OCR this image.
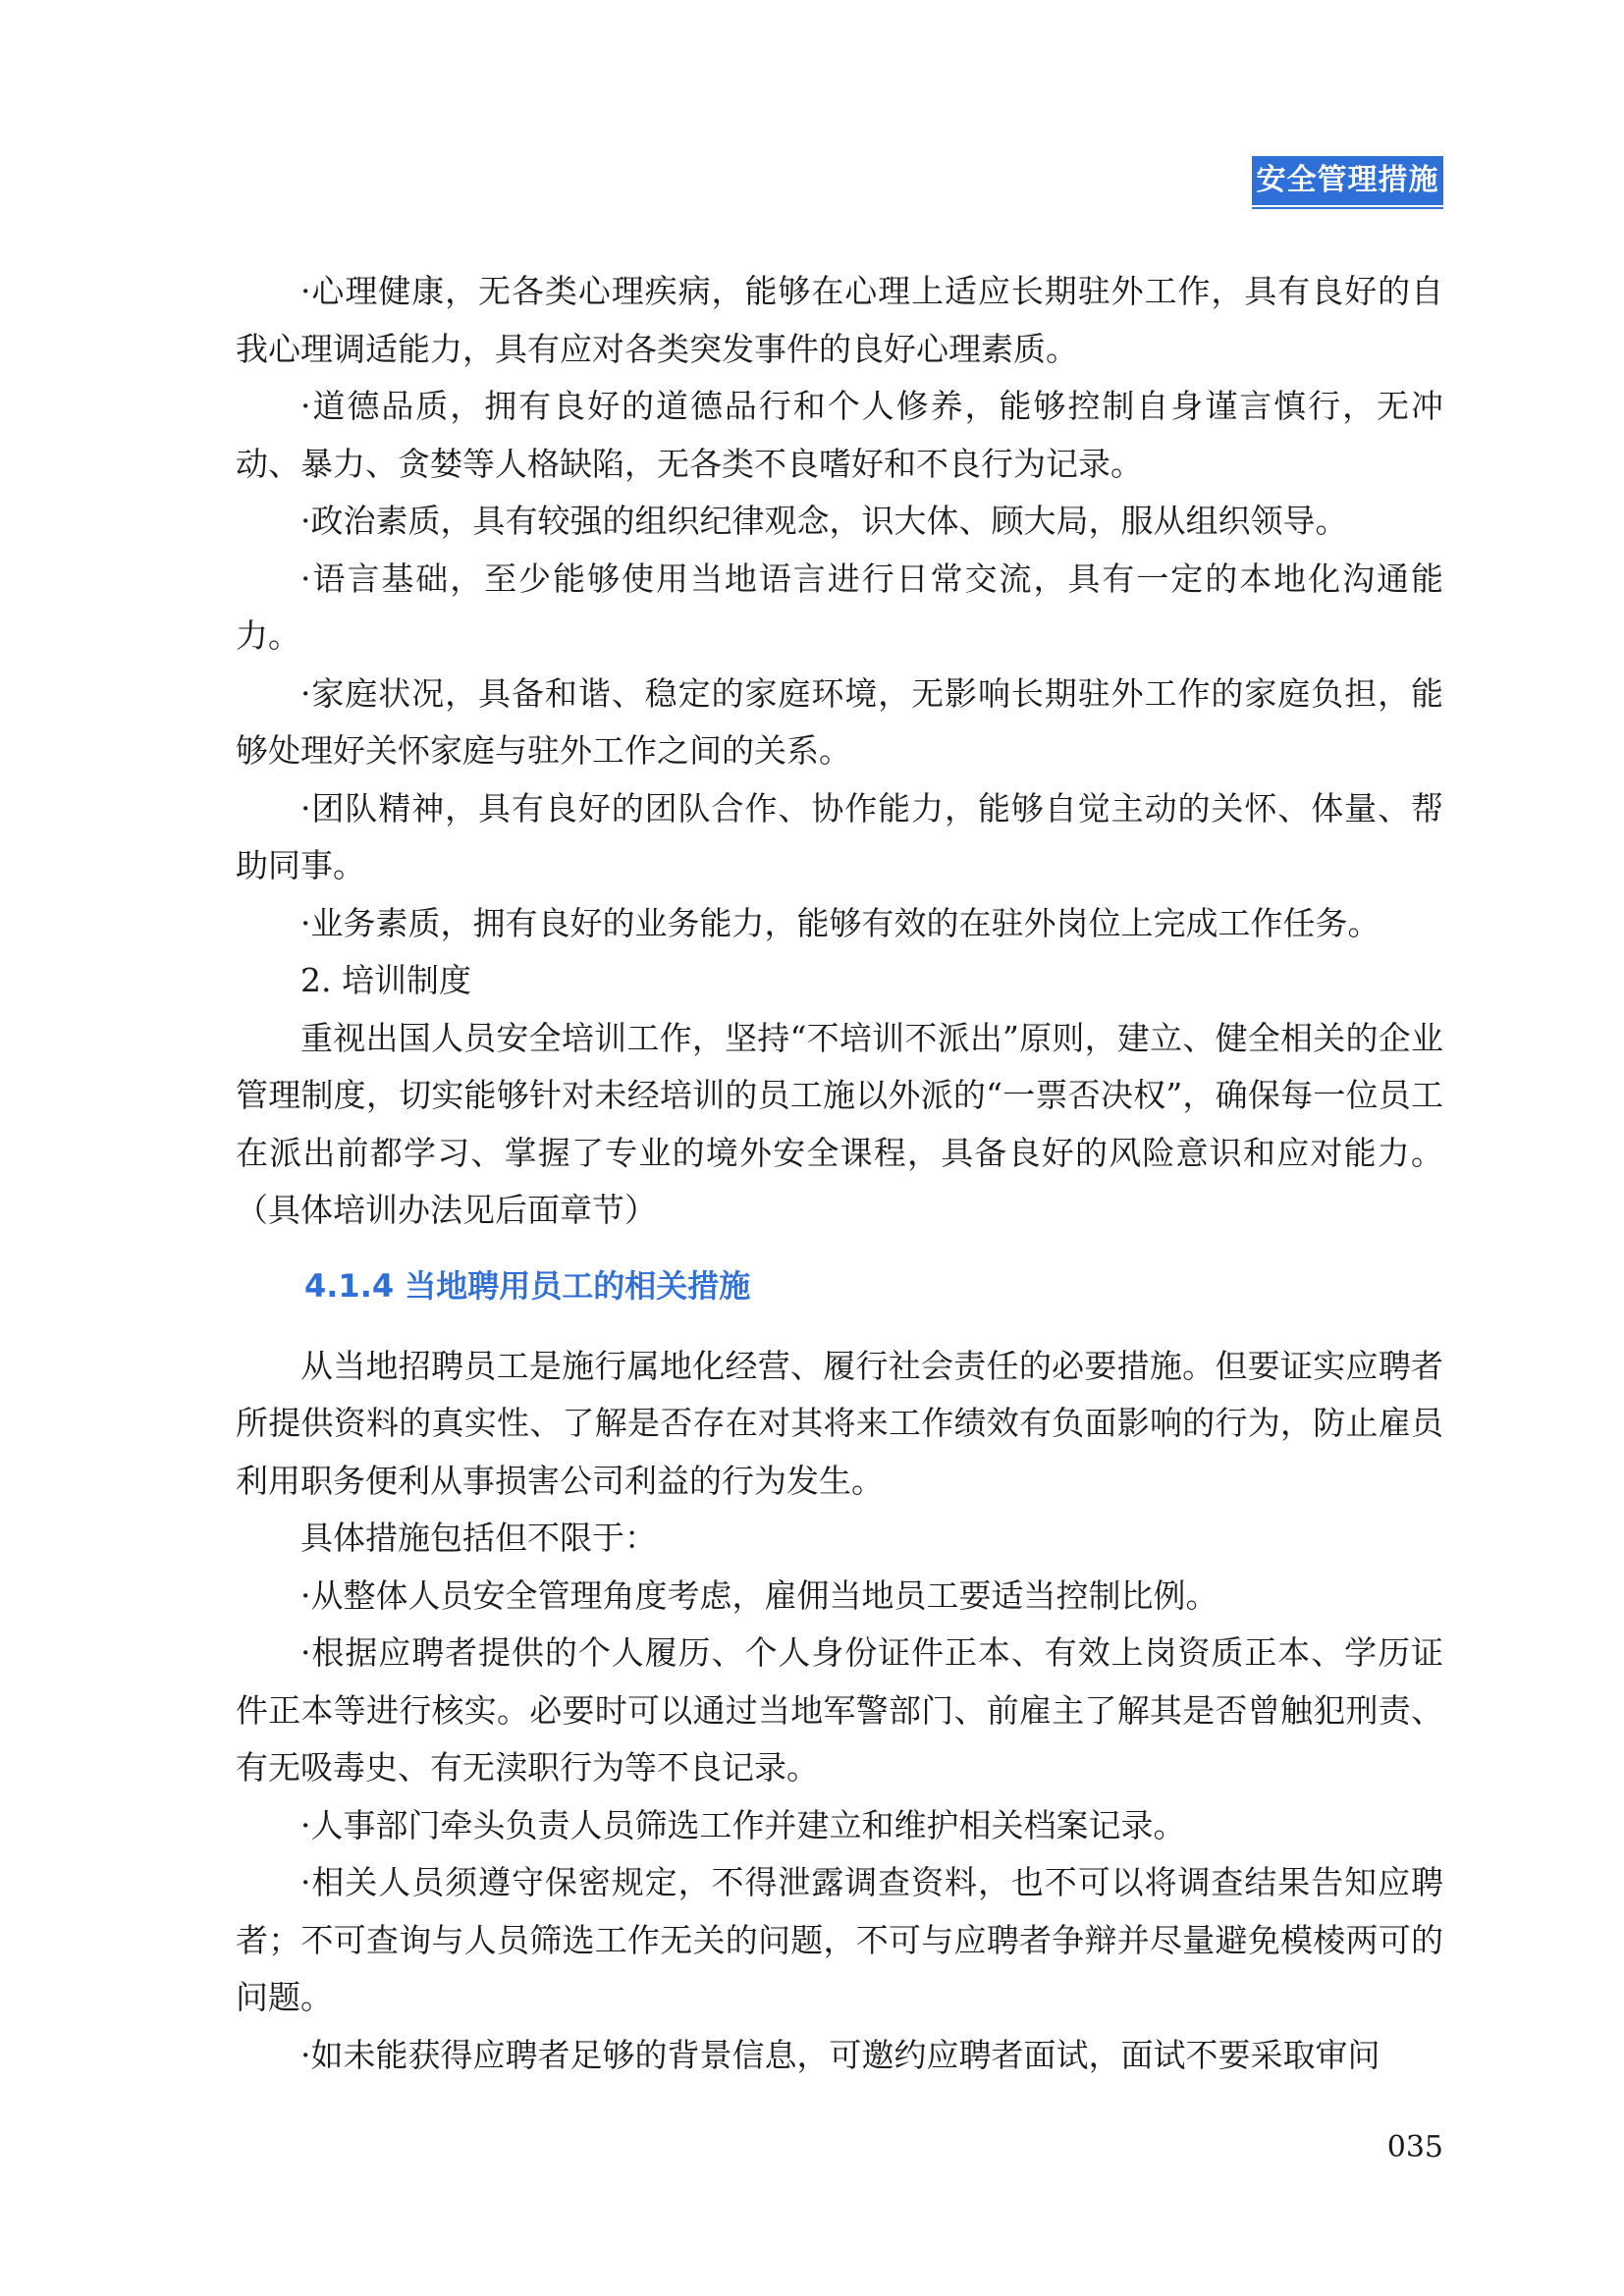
安全管理措施

·心理健康，无各类心理疾病，能够在心理上适应长期驻外工作，具有良好的自我心理调适能力，具有应对各类突发事件的良好心理素质。

·道德品质，拥有良好的道德品行和个人修养，能够控制自身谨言慎行，无冲动、暴力、贪婪等人格缺陷，无各类不良嗜好和不良行为记录。

·政治素质，具有较强的组织纪律观念，识大体、顾大局，服从组织领导。

·语言基础，至少能够使用当地语言进行日常交流，具有一定的本地化沟通能力。

·家庭状况，具备和谐、稳定的家庭环境，无影响长期驻外工作的家庭负担，能够处理好关怀家庭与驻外工作之间的关系。

·团队精神，具有良好的团队合作、协作能力，能够自觉主动的关怀、体量、帮助同事。

·业务素质，拥有良好的业务能力，能够有效的在驻外岗位上完成工作任务。

2. 培训制度

重视出国人员安全培训工作，坚持“不培训不派出”原则，建立、健全相关的企业管理制度，切实能够针对未经培训的员工施以外派的“一票否决权”，确保每一位员工在派出前都学习、掌握了专业的境外安全课程，具备良好的风险意识和应对能力。（具体培训办法见后面章节）

4.1.4 当地聘用员工的相关措施

从当地招聘员工是施行属地化经营、履行社会责任的必要措施。但要证实应聘者所提供资料的真实性、了解是否存在对其将来工作绩效有负面影响的行为，防止雇员利用职务便利从事损害公司利益的行为发生。

具体措施包括但不限于：

·从整体人员安全管理角度考虑，雇佣当地员工要适当控制比例。

·根据应聘者提供的个人履历、个人身份证件正本、有效上岗资质正本、学历证件正本等进行核实。必要时可以通过当地军警部门、前雇主了解其是否曾触犯刑责、有无吸毒史、有无渎职行为等不良记录。

·人事部门牵头负责人员筛选工作并建立和维护相关档案记录。

·相关人员须遵守保密规定，不得泄露调查资料，也不可以将调查结果告知应聘者；不可查询与人员筛选工作无关的问题，不可与应聘者争辩并尽量避免模棱两可的问题。

·如未能获得应聘者足够的背景信息，可邀约应聘者面试，面试不要采取审问

035
